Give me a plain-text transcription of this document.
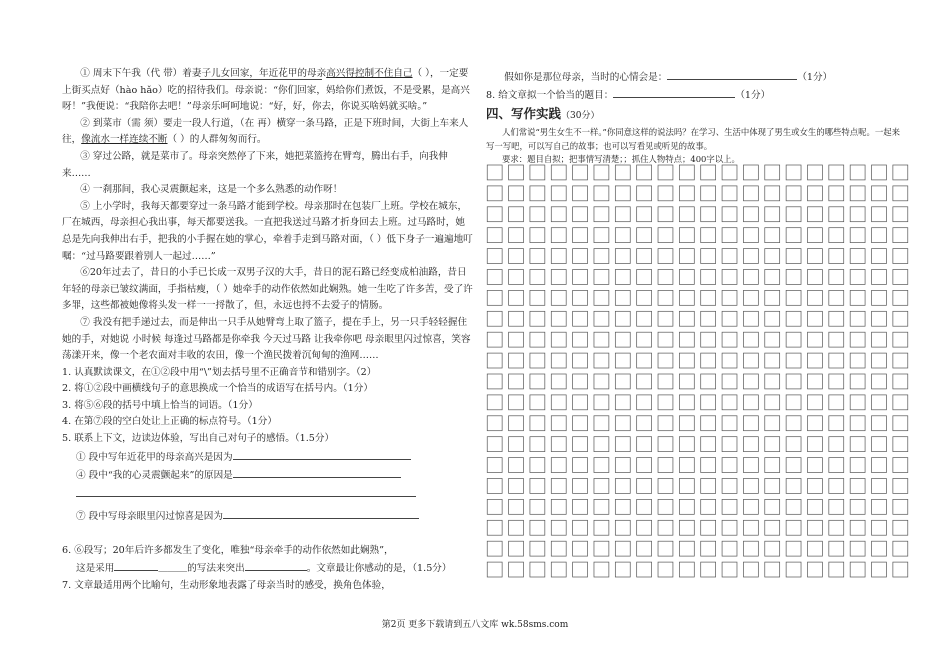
① 周末下午我（代 带）着妻子儿女回家，年近花甲的母亲高兴得控制不住自己（ ），一定要上街买点好（hào hǎo）吃的招待我们。母亲说：“你们回家，妈给你们煮饭，不是受累，是高兴呀！”我便说：“我陪你去吧！”母亲乐呵呵地说：“好，好，你去，你说买啥妈就买啥。”

② 到菜市（需 须）要走一段人行道，（在 再）横穿一条马路，正是下班时间，大街上车来人往，像流水一样连续不断（ ）的人群匆匆而行。

③ 穿过公路，就是菜市了。母亲突然停了下来，她把菜篮挎在臂弯，腾出右手，向我伸来……

④ 一刹那间，我心灵震颤起来，这是一个多么熟悉的动作呀！

⑤ 上小学时，我每天都要穿过一条马路才能到学校。母亲那时在包装厂上班。学校在城东，厂在城西，母亲担心我出事，每天都要送我。一直把我送过马路才折身回去上班。过马路时，她总是先向我伸出右手，把我的小手握在她的掌心，牵着手走到马路对面，（ ）低下身子一遍遍地叮嘱：“过马路要跟着别人一起过……”

⑥20年过去了，昔日的小手已长成一双男子汉的大手，昔日的泥石路已经变成柏油路，昔日年轻的母亲已皱纹满面，手指枯瘦，（ ）她牵手的动作依然如此娴熟。她一生吃了许多苦，受了许多罪，这些都被她像将头发一样一一捋散了，但，永远也捋不去爱子的情肠。

⑦ 我没有把手递过去，而是伸出一只手从她臂弯上取了篮子，提在手上，另一只手轻轻握住她的手，对她说 小时候 每逢过马路都是你牵我 今天过马路 让我牵你吧 母亲眼里闪过惊喜，笑容荡漾开来，像一个老农面对丰收的农田，像一个渔民拨着沉甸甸的渔网……

1. 认真默读课文，在①②段中用“\”划去括号里不正确音节和错别字。（2）

2. 将①②段中画横线句子的意思换成一个恰当的成语写在括号内。（1分）

3. 将⑤⑥段的括号中填上恰当的词语。（1分）

4. 在第⑦段的空白处让上正确的标点符号。（1分）

5. 联系上下文，边读边体验，写出自己对句子的感悟。（1.5分）

① 段中写年近花甲的母亲高兴是因为

④ 段中“我的心灵震颤起来”的原因是

⑦ 段中写母亲眼里闪过惊喜是因为

6. ⑥段写；20年后许多都发生了变化，唯独“母亲牵手的动作依然如此娴熟”，

这是采用	＿＿＿的写法来突出	。文章最让你感动的是，（1.5分）

7. 文章最适用两个比喻句，生动形象地表露了母亲当时的感受，换角色体验，

假如你是那位母亲，当时的心情会是：	（1分）

8. 给文章拟一个恰当的题目：	（1分）

四、写作实践（30分）

人们常说“男生女生不一样。”你同意这样的说法吗？在学习、生活中体现了男生或女生的哪些特点呢。一起来写一写吧，可以写自己的故事；也可以写看见或听见的故事。

要求：题目自拟；把事情写清楚；；抓住人物特点；400字以上。

第2页 更多下载请到五八文库 wk.58sms.com
